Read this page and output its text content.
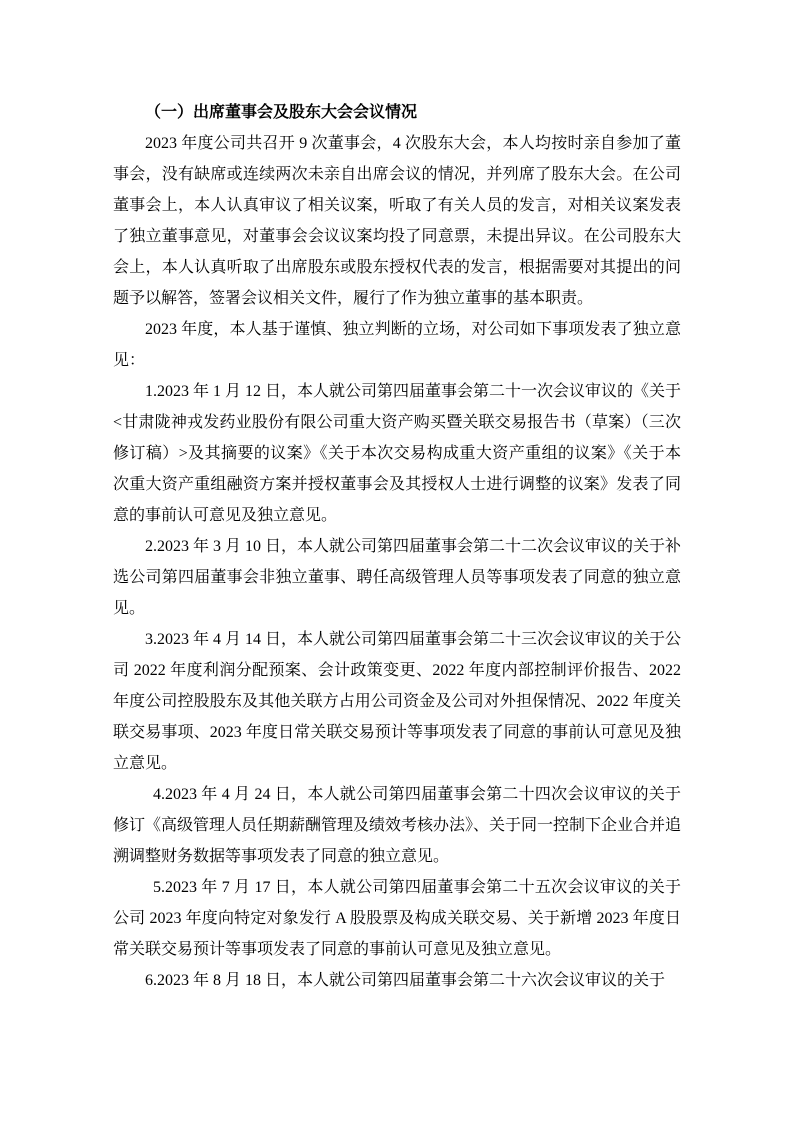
（一）出席董事会及股东大会会议情况

2023 年度公司共召开 9 次董事会，4 次股东大会，本人均按时亲自参加了董事会，没有缺席或连续两次未亲自出席会议的情况，并列席了股东大会。在公司董事会上，本人认真审议了相关议案，听取了有关人员的发言，对相关议案发表了独立董事意见，对董事会会议议案均投了同意票，未提出异议。在公司股东大会上，本人认真听取了出席股东或股东授权代表的发言，根据需要对其提出的问题予以解答，签署会议相关文件，履行了作为独立董事的基本职责。

2023 年度，本人基于谨慎、独立判断的立场，对公司如下事项发表了独立意见：

1.2023 年 1 月 12 日，本人就公司第四届董事会第二十一次会议审议的《关于<甘肃陇神戎发药业股份有限公司重大资产购买暨关联交易报告书（草案）（三次修订稿）>及其摘要的议案》《关于本次交易构成重大资产重组的议案》《关于本次重大资产重组融资方案并授权董事会及其授权人士进行调整的议案》发表了同意的事前认可意见及独立意见。

2.2023 年 3 月 10 日，本人就公司第四届董事会第二十二次会议审议的关于补选公司第四届董事会非独立董事、聘任高级管理人员等事项发表了同意的独立意见。

3.2023 年 4 月 14 日，本人就公司第四届董事会第二十三次会议审议的关于公司 2022 年度利润分配预案、会计政策变更、2022 年度内部控制评价报告、2022 年度公司控股股东及其他关联方占用公司资金及公司对外担保情况、2022 年度关联交易事项、2023 年度日常关联交易预计等事项发表了同意的事前认可意见及独立意见。

 4.2023 年 4 月 24 日，本人就公司第四届董事会第二十四次会议审议的关于修订《高级管理人员任期薪酬管理及绩效考核办法》、关于同一控制下企业合并追溯调整财务数据等事项发表了同意的独立意见。

 5.2023 年 7 月 17 日，本人就公司第四届董事会第二十五次会议审议的关于公司 2023 年度向特定对象发行 A 股股票及构成关联交易、关于新增 2023 年度日常关联交易预计等事项发表了同意的事前认可意见及独立意见。

6.2023 年 8 月 18 日，本人就公司第四届董事会第二十六次会议审议的关于
